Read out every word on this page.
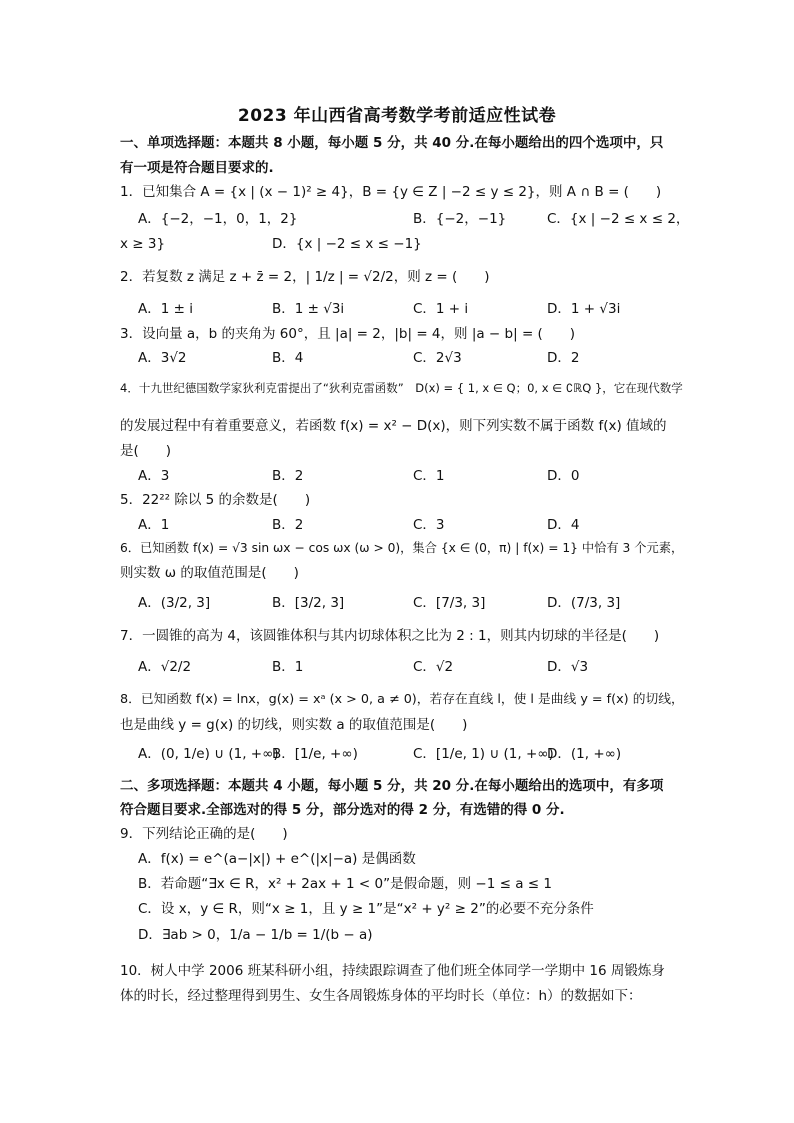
2023 年山西省高考数学考前适应性试卷
一、单项选择题：本题共 8 小题，每小题 5 分，共 40 分.在每小题给出的四个选项中，只
有一项是符合题目要求的.
1．已知集合 A = {x | (x − 1)² ≥ 4}，B = {y ∈ Z | −2 ≤ y ≤ 2}，则 A ∩ B = (　　)
A．{−2，−1，0，1，2}	B．{−2，−1}	C．{x | −2 ≤ x ≤ 2，
x ≥ 3}	D．{x | −2 ≤ x ≤ −1}
2．若复数 z 满足 z + z̄ = 2，| 1/z | = √2/2，则 z = (　　)
A．1 ± i	B．1 ± √3i	C．1 + i	D．1 + √3i
3．设向量 a，b 的夹角为 60°，且 |a| = 2，|b| = 4，则 |a − b| = (　　)
A．3√2	B．4	C．2√3	D．2
4．十九世纪德国数学家狄利克雷提出了“狄利克雷函数”　D(x) = { 1, x ∈ Q；0, x ∈ ∁ℝQ }，它在现代数学
的发展过程中有着重要意义，若函数 f(x) = x² − D(x)，则下列实数不属于函数 f(x) 值域的
是(　　)
A．3	B．2	C．1	D．0
5．22²² 除以 5 的余数是(　　)
A．1	B．2	C．3	D．4
6．已知函数 f(x) = √3 sin ωx − cos ωx (ω > 0)，集合 {x ∈ (0，π) | f(x) = 1} 中恰有 3 个元素，
则实数 ω 的取值范围是(　　)
A．(3/2, 3]	B．[3/2, 3]	C．[7/3, 3]	D．(7/3, 3]
7．一圆锥的高为 4，该圆锥体积与其内切球体积之比为 2 : 1，则其内切球的半径是(　　)
A．√2/2	B．1	C．√2	D．√3
8．已知函数 f(x) = lnx，g(x) = xᵃ (x > 0, a ≠ 0)，若存在直线 l，使 l 是曲线 y = f(x) 的切线，
也是曲线 y = g(x) 的切线，则实数 a 的取值范围是(　　)
A．(0, 1/e) ∪ (1, +∞)
B．[1/e, +∞)	C．[1/e, 1) ∪ (1, +∞)
D．(1, +∞)
二、多项选择题：本题共 4 小题，每小题 5 分，共 20 分.在每小题给出的选项中，有多项
符合题目要求.全部选对的得 5 分，部分选对的得 2 分，有选错的得 0 分.
9．下列结论正确的是(　　)
A．f(x) = e^(a−|x|) + e^(|x|−a) 是偶函数
B．若命题“∃x ∈ R，x² + 2ax + 1 < 0”是假命题，则 −1 ≤ a ≤ 1
C．设 x，y ∈ R，则“x ≥ 1，且 y ≥ 1”是“x² + y² ≥ 2”的必要不充分条件
D．∃ab > 0，1/a − 1/b = 1/(b − a)
10．树人中学 2006 班某科研小组，持续跟踪调查了他们班全体同学一学期中 16 周锻炼身
体的时长，经过整理得到男生、女生各周锻炼身体的平均时长（单位：h）的数据如下：
